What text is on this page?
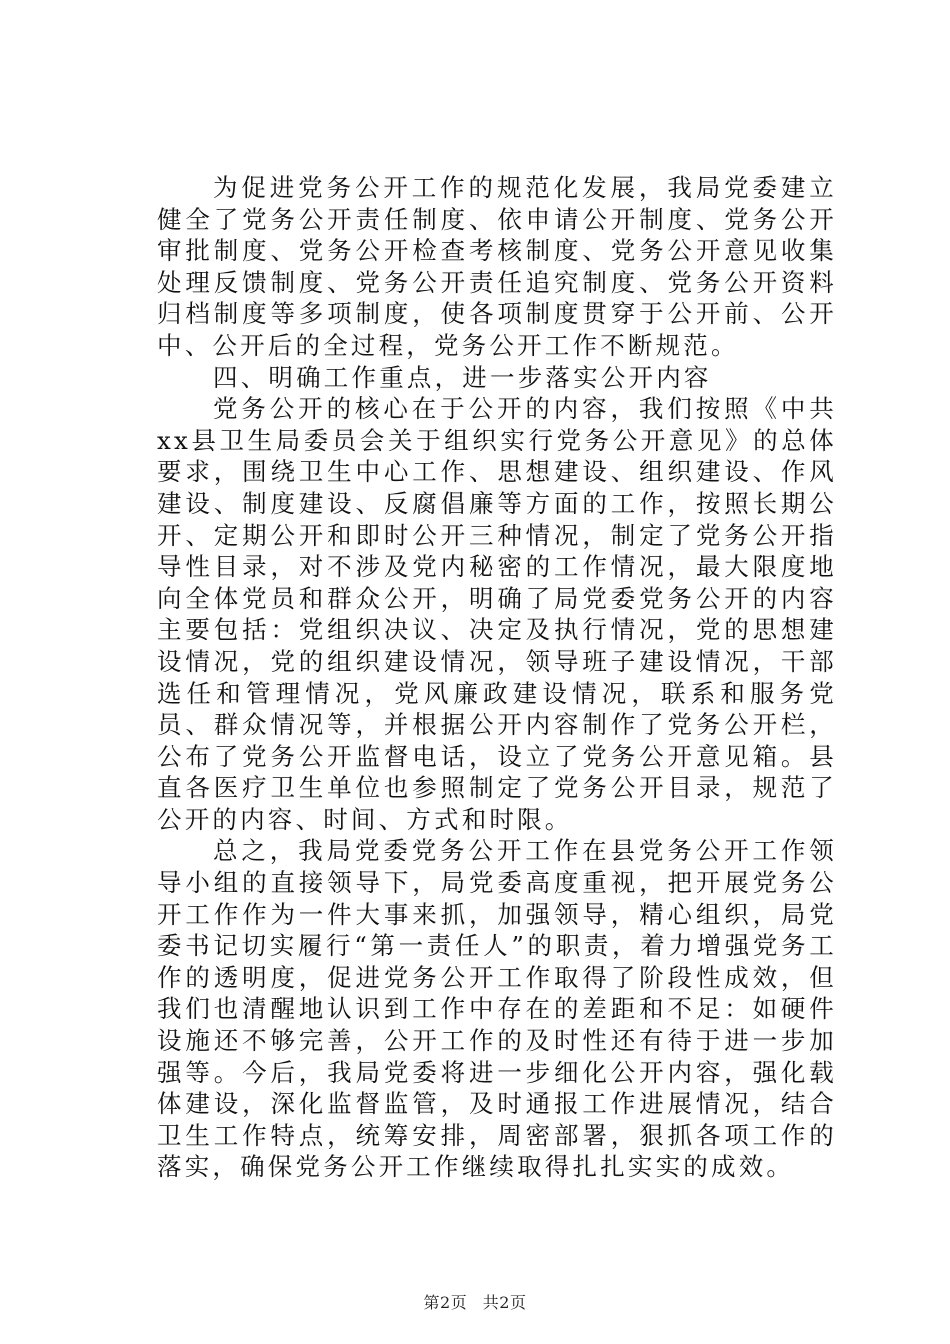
为促进党务公开工作的规范化发展，我局党委建立健全了党务公开责任制度、依申请公开制度、党务公开审批制度、党务公开检查考核制度、党务公开意见收集处理反馈制度、党务公开责任追究制度、党务公开资料归档制度等多项制度，使各项制度贯穿于公开前、公开中、公开后的全过程，党务公开工作不断规范。

四、明确工作重点，进一步落实公开内容

党务公开的核心在于公开的内容，我们按照《中共xx县卫生局委员会关于组织实行党务公开意见》的总体要求，围绕卫生中心工作、思想建设、组织建设、作风建设、制度建设、反腐倡廉等方面的工作，按照长期公开、定期公开和即时公开三种情况，制定了党务公开指导性目录，对不涉及党内秘密的工作情况，最大限度地向全体党员和群众公开，明确了局党委党务公开的内容主要包括：党组织决议、决定及执行情况，党的思想建设情况，党的组织建设情况，领导班子建设情况，干部选任和管理情况，党风廉政建设情况，联系和服务党员、群众情况等，并根据公开内容制作了党务公开栏，公布了党务公开监督电话，设立了党务公开意见箱。县直各医疗卫生单位也参照制定了党务公开目录，规范了公开的内容、时间、方式和时限。

总之，我局党委党务公开工作在县党务公开工作领导小组的直接领导下，局党委高度重视，把开展党务公开工作作为一件大事来抓，加强领导，精心组织，局党委书记切实履行“第一责任人”的职责，着力增强党务工作的透明度，促进党务公开工作取得了阶段性成效，但我们也清醒地认识到工作中存在的差距和不足：如硬件设施还不够完善，公开工作的及时性还有待于进一步加强等。今后，我局党委将进一步细化公开内容，强化载体建设，深化监督监管，及时通报工作进展情况，结合卫生工作特点，统筹安排，周密部署，狠抓各项工作的落实，确保党务公开工作继续取得扎扎实实的成效。

第2页 共2页
